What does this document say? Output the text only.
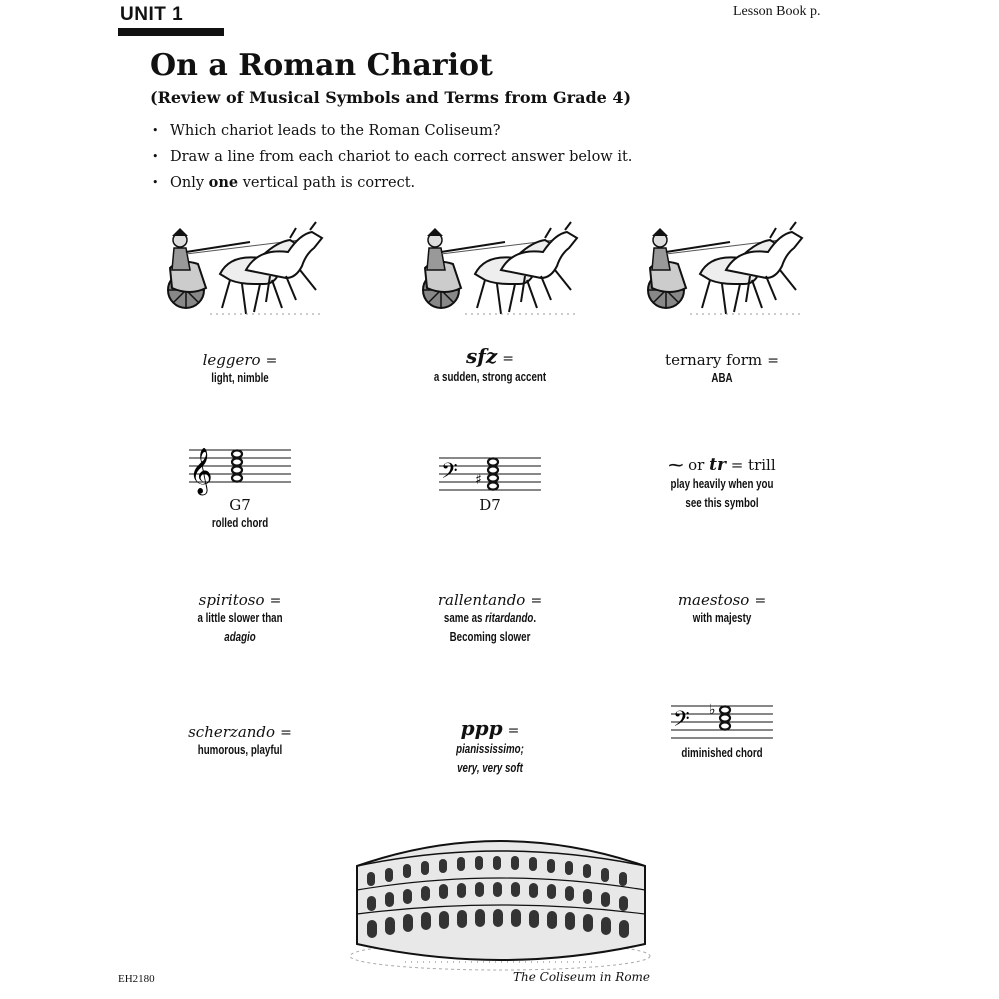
UNIT 1	Lesson Book p.
On a Roman Chariot
(Review of Musical Symbols and Terms from Grade 4)
• Which chariot leads to the Roman Coliseum?
• Draw a line from each chariot to each correct answer below it.
• Only one vertical path is correct.
leggero =
light, nimble
sfz =
a sudden, strong accent
ternary form =
ABA
𝄞
G7
rolled chord
𝄢 ♯
D7
⁓ or tr = trill
play heavily when you
see this symbol
spiritoso =
a little slower than
adagio
rallentando =
same as ritardando.
Becoming slower
maestoso =
with majesty
scherzando =
humorous, playful
ppp =
pianississimo;
very, very soft
𝄢 ♭
diminished chord
The Coliseum in Rome
EH2180
